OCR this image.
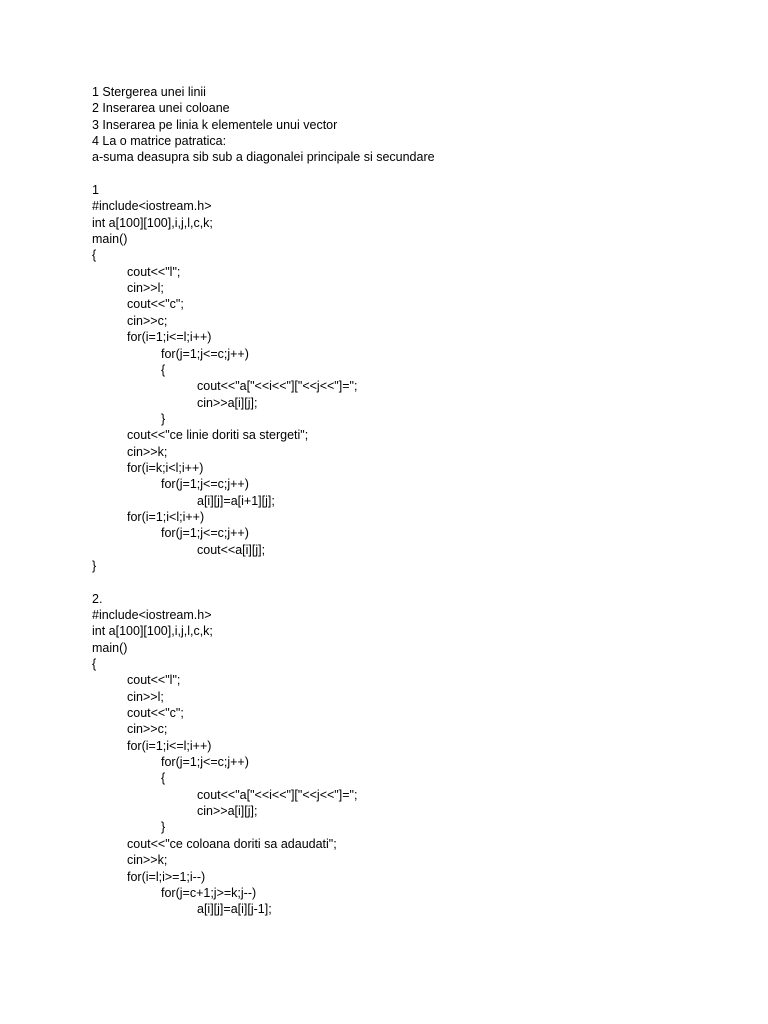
1 Stergerea unei linii
2 Inserarea unei coloane
3 Inserarea pe linia k elementele unui vector
4 La o matrice patratica:
a-suma deasupra sib sub a diagonalei principale si secundare
1
#include<iostream.h>
int a[100][100],i,j,l,c,k;
main()
{
cout<<"l";
cin>>l;
cout<<"c";
cin>>c;
for(i=1;i<=l;i++)
for(j=1;j<=c;j++)
{
cout<<"a["<<i<<"]["<<j<<"]=";
cin>>a[i][j];
}
cout<<"ce linie doriti sa stergeti";
cin>>k;
for(i=k;i<l;i++)
for(j=1;j<=c;j++)
a[i][j]=a[i+1][j];
for(i=1;i<l;i++)
for(j=1;j<=c;j++)
cout<<a[i][j];
}
2.
#include<iostream.h>
int a[100][100],i,j,l,c,k;
main()
{
cout<<"l";
cin>>l;
cout<<"c";
cin>>c;
for(i=1;i<=l;i++)
for(j=1;j<=c;j++)
{
cout<<"a["<<i<<"]["<<j<<"]=";
cin>>a[i][j];
}
cout<<"ce coloana doriti sa adaudati";
cin>>k;
for(i=l;i>=1;i--)
for(j=c+1;j>=k;j--)
a[i][j]=a[i][j-1];
